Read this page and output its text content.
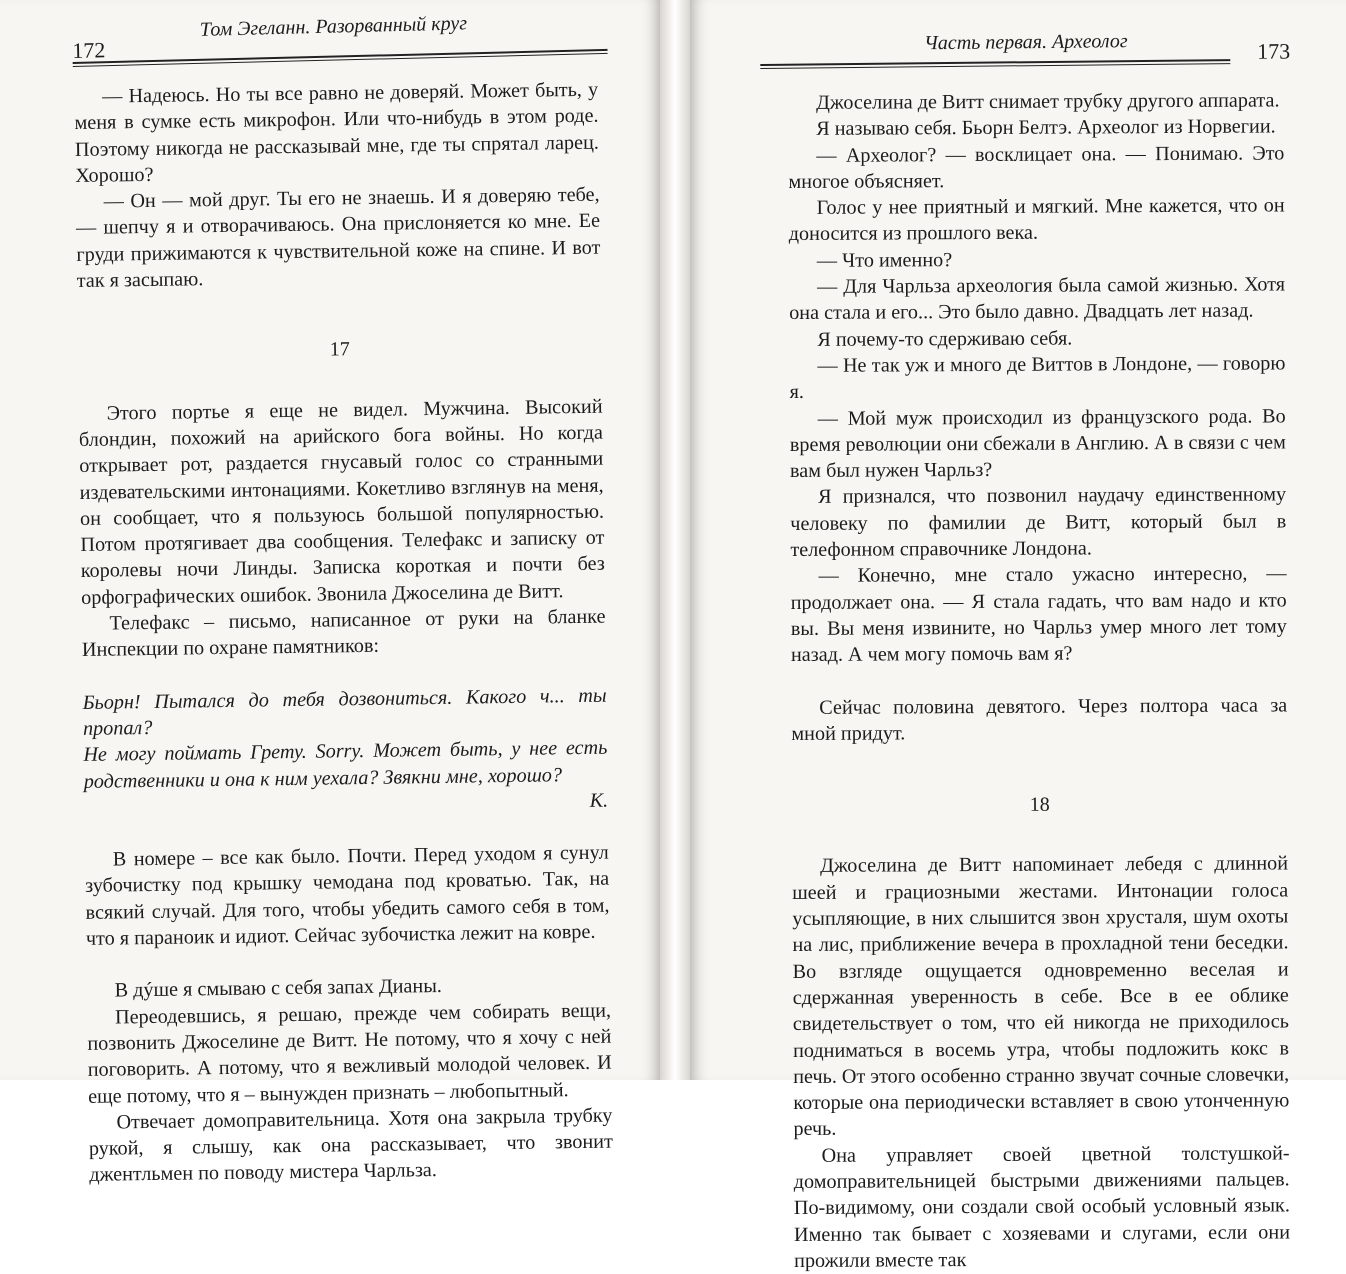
172
Том Эгеланн. Разорванный круг

— Надеюсь. Но ты все равно не доверяй. Может быть, у меня в сумке есть микрофон. Или что-нибудь в этом роде. Поэтому никогда не рассказывай мне, где ты спрятал ларец. Хорошо?

— Он — мой друг. Ты его не знаешь. И я доверяю тебе, — шепчу я и отворачиваюсь. Она прислоняется ко мне. Ее груди прижимаются к чувствительной коже на спине. И вот так я засыпаю.

17

Этого портье я еще не видел. Мужчина. Высокий блондин, похожий на арийского бога войны. Но когда открывает рот, раздается гнусавый голос со странными издевательскими интонациями. Кокетливо взглянув на меня, он сообщает, что я пользуюсь большой популярностью. Потом протягивает два сообщения. Телефакс и записку от королевы ночи Линды. Записка короткая и почти без орфографических ошибок. Звонила Джоселина де Витт.

Телефакс – письмо, написанное от руки на бланке Инспекции по охране памятников:

Бьорн! Пытался до тебя дозвониться. Какого ч... ты пропал?

Не могу поймать Грету. Sorry. Может быть, у нее есть родственники и она к ним уехала? Звякни мне, хорошо?

К.

В номере – все как было. Почти. Перед уходом я сунул зубочистку под крышку чемодана под кроватью. Так, на всякий случай. Для того, чтобы убедить самого себя в том, что я параноик и идиот. Сейчас зубочистка лежит на ковре.

В дýше я смываю с себя запах Дианы.

Переодевшись, я решаю, прежде чем собирать вещи, позвонить Джоселине де Витт. Не потому, что я хочу с ней поговорить. А потому, что я вежливый молодой человек. И еще потому, что я – вынужден признать – любопытный.

Отвечает домоправительница. Хотя она закрыла трубку рукой, я слышу, как она рассказывает, что звонит джентльмен по поводу мистера Чарльза.

Часть первая. Археолог	173

Джоселина де Витт снимает трубку другого аппарата.

Я называю себя. Бьорн Белтэ. Археолог из Норвегии.

— Археолог? — восклицает она. — Понимаю. Это многое объясняет.

Голос у нее приятный и мягкий. Мне кажется, что он доносится из прошлого века.

— Что именно?

— Для Чарльза археология была самой жизнью. Хотя она стала и его... Это было давно. Двадцать лет назад.

Я почему-то сдерживаю себя.

— Не так уж и много де Виттов в Лондоне, — говорю я.

— Мой муж происходил из французского рода. Во время революции они сбежали в Англию. А в связи с чем вам был нужен Чарльз?

Я признался, что позвонил наудачу единственному человеку по фамилии де Витт, который был в телефонном справочнике Лондона.

— Конечно, мне стало ужасно интересно, — продолжает она. — Я стала гадать, что вам надо и кто вы. Вы меня извините, но Чарльз умер много лет тому назад. А чем могу помочь вам я?

Сейчас половина девятого. Через полтора часа за мной придут.

18

Джоселина де Витт напоминает лебедя с длинной шеей и грациозными жестами. Интонации голоса усыпляющие, в них слышится звон хрусталя, шум охоты на лис, приближение вечера в прохладной тени беседки. Во взгляде ощущается одновременно веселая и сдержанная уверенность в себе. Все в ее облике свидетельствует о том, что ей никогда не приходилось подниматься в восемь утра, чтобы подложить кокс в печь. От этого особенно странно звучат сочные словечки, которые она периодически вставляет в свою утонченную речь.

Она управляет своей цветной толстушкой-домоправительницей быстрыми движениями пальцев. По-видимому, они создали свой особый условный язык. Именно так бывает с хозяевами и слугами, если они прожили вместе так
